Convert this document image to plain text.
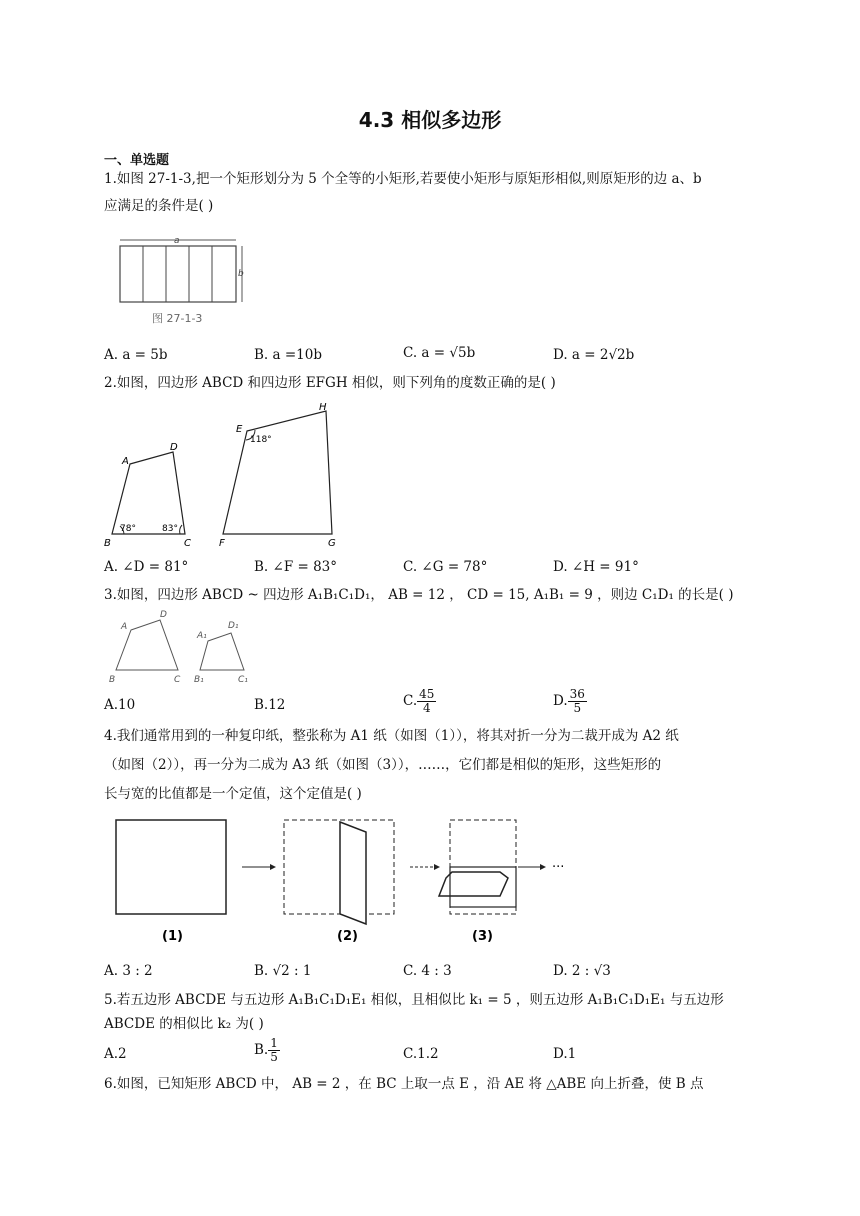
4.3 相似多边形
一、单选题
1.如图 27-1-3,把一个矩形划分为 5 个全等的小矩形,若要使小矩形与原矩形相似,则原矩形的边 a、b
应满足的条件是( )
a
b
图 27-1-3
A. a = 5b	B. a =10b	C. a = √5b	D. a = 2√2b
2.如图，四边形 ABCD 和四边形 EFGH 相似，则下列角的度数正确的是( )
A
D
B	C
78°	83°
E
118°
H
F	G
A. ∠D = 81°	B. ∠F = 83°	C. ∠G = 78°	D. ∠H = 91°
3.如图，四边形 ABCD ~ 四边形 A₁B₁C₁D₁， AB = 12 ， CD = 15, A₁B₁ = 9 ，则边 C₁D₁ 的长是( )
A
D
B	C
A₁
D₁
B₁	C₁
A.10	B.12	C. $\frac{45}{4}$	D. $\frac{36}{5}$
4.我们通常用到的一种复印纸，整张称为 A1 纸（如图（1）），将其对折一分为二裁开成为 A2 纸
（如图（2）），再一分为二成为 A3 纸（如图（3）），……，它们都是相似的矩形，这些矩形的
长与宽的比值都是一个定值，这个定值是( )
···
(1)	(2)	(3)
A. 3 : 2	B. √2 : 1	C. 4 : 3	D. 2 : √3
5.若五边形 ABCDE 与五边形 A₁B₁C₁D₁E₁ 相似，且相似比 k₁ = 5 ，则五边形 A₁B₁C₁D₁E₁ 与五边形
ABCDE 的相似比 k₂ 为( )
A.2	B. $\frac{1}{5}$	C.1.2	D.1
6.如图，已知矩形 ABCD 中， AB = 2 ，在 BC 上取一点 E ，沿 AE 将 △ABE 向上折叠，使 B 点
